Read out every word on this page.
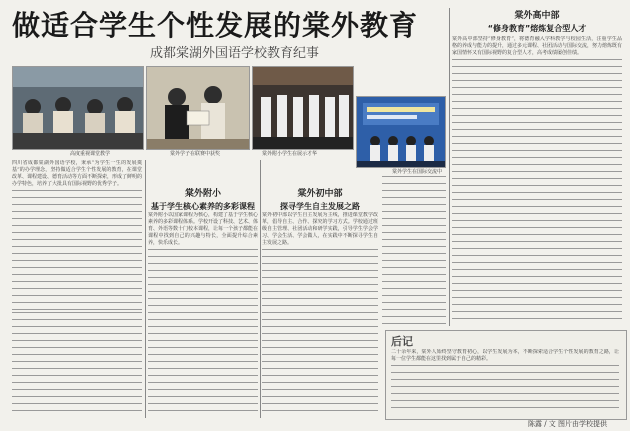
做适合学生个性发展的棠外教育
成都棠湖外国语学校教育纪事
高度重视课堂教学	棠外学子在联赛中获奖	棠外附小学生在展示才华
棠外学生在国际交流中

四川省成都棠湖外国语学校，秉承“为学生一生的发展奠基”的办学理念，坚持做适合学生个性发展的教育，在课堂改革、课程建设、德育活动等方面不断探索，形成了鲜明的办学特色，培养了大批具有国际视野的优秀学子。

棠外附小
基于学生核心素养的多彩课程

棠外附小以国家课程为核心，构建了基于学生核心素养的多彩课程体系。学校开设了科技、艺术、体育、外语等数十门校本课程，让每一个孩子都能在课程中找到自己的兴趣与特长，全面提升综合素养，快乐成长。

棠外初中部
探寻学生自主发展之路

棠外初中部以学生自主发展为主线，推进课堂教学改革，倡导自主、合作、探究的学习方式。学校通过班级自主管理、社团活动和研学实践，引导学生学会学习、学会生活、学会做人，在实践中不断探寻学生自主发展之路。

棠外高中部
“修身教育”熔炼复合型人才

棠外高中部坚持“修身教育”，将德育融入学科教学与校园生活，注重学生品格的养成与能力的提升，通过多元课程、社团活动与国际交流，努力熔炼既有家国情怀又有国际视野的复合型人才，高考成绩屡创佳绩。

后记

二十余年来，棠外人始终坚守教育初心，以学生发展为本，不断探索适合学生个性发展的教育之路，让每一位学生都能在这里找到属于自己的精彩。

陈露 / 文 图片由学校提供
